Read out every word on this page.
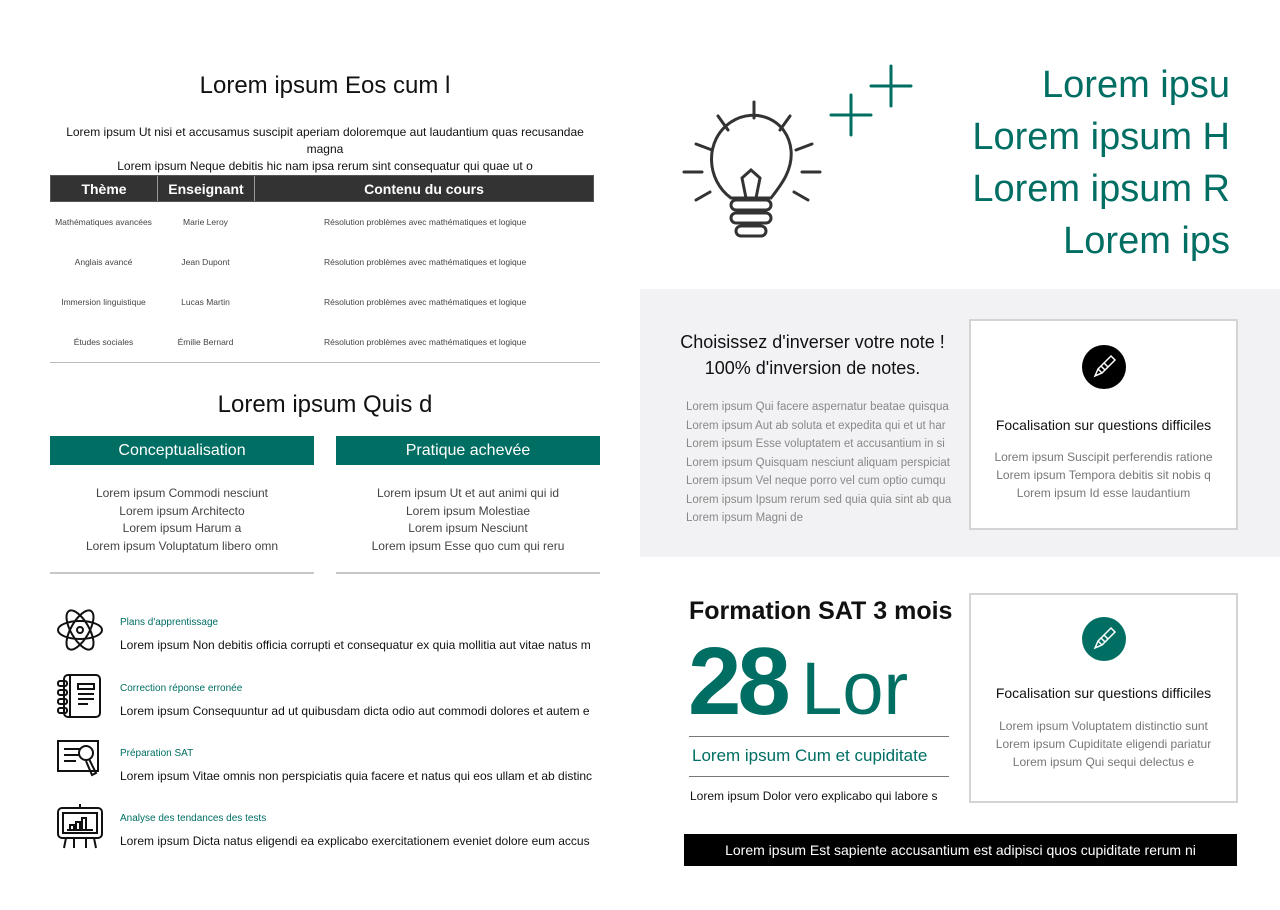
Lorem ipsum Eos cum l
Lorem ipsum Ut nisi et accusamus suscipit aperiam doloremque aut laudantium quas recusandae magna
Lorem ipsum Neque debitis hic nam ipsa rerum sint consequatur qui quae ut o
Thème	Enseignant	Contenu du cours
Mathématiques avancées	Marie Leroy	Résolution problèmes avec mathématiques et logique
Anglais avancé	Jean Dupont	Résolution problèmes avec mathématiques et logique
Immersion linguistique	Lucas Martin	Résolution problèmes avec mathématiques et logique
Études sociales	Émilie Bernard	Résolution problèmes avec mathématiques et logique
Lorem ipsum Quis d
Conceptualisation
Lorem ipsum Commodi nesciunt
Lorem ipsum Architecto
Lorem ipsum Harum a
Lorem ipsum Voluptatum libero omn
Pratique achevée
Lorem ipsum Ut et aut animi qui id
Lorem ipsum Molestiae
Lorem ipsum Nesciunt
Lorem ipsum Esse quo cum qui reru
Plans d'apprentissage
Lorem ipsum Non debitis officia corrupti et consequatur ex quia mollitia aut vitae natus m
Correction réponse erronée
Lorem ipsum Consequuntur ad ut quibusdam dicta odio aut commodi dolores et autem e
Préparation SAT
Lorem ipsum Vitae omnis non perspiciatis quia facere et natus qui eos ullam et ab distinc
Analyse des tendances des tests
Lorem ipsum Dicta natus eligendi ea explicabo exercitationem eveniet dolore eum accus
Lorem ipsu
Lorem ipsum H
Lorem ipsum R
Lorem ips
Choisissez d'inverser votre note !
100% d'inversion de notes.
Lorem ipsum Qui facere aspernatur beatae quisqua
Lorem ipsum Aut ab soluta et expedita qui et ut har
Lorem ipsum Esse voluptatem et accusantium in si
Lorem ipsum Quisquam nesciunt aliquam perspiciat
Lorem ipsum Vel neque porro vel cum optio cumqu
Lorem ipsum Ipsum rerum sed quia quia sint ab qua
Lorem ipsum Magni de
Focalisation sur questions difficiles
Lorem ipsum Suscipit perferendis ratione
Lorem ipsum Tempora debitis sit nobis q
Lorem ipsum Id esse laudantium
Formation SAT 3 mois
28 Lor
Lorem ipsum Cum et cupiditate
Lorem ipsum Dolor vero explicabo qui labore s
Focalisation sur questions difficiles
Lorem ipsum Voluptatem distinctio sunt
Lorem ipsum Cupiditate eligendi pariatur
Lorem ipsum Qui sequi delectus e
Lorem ipsum Est sapiente accusantium est adipisci quos cupiditate rerum ni
